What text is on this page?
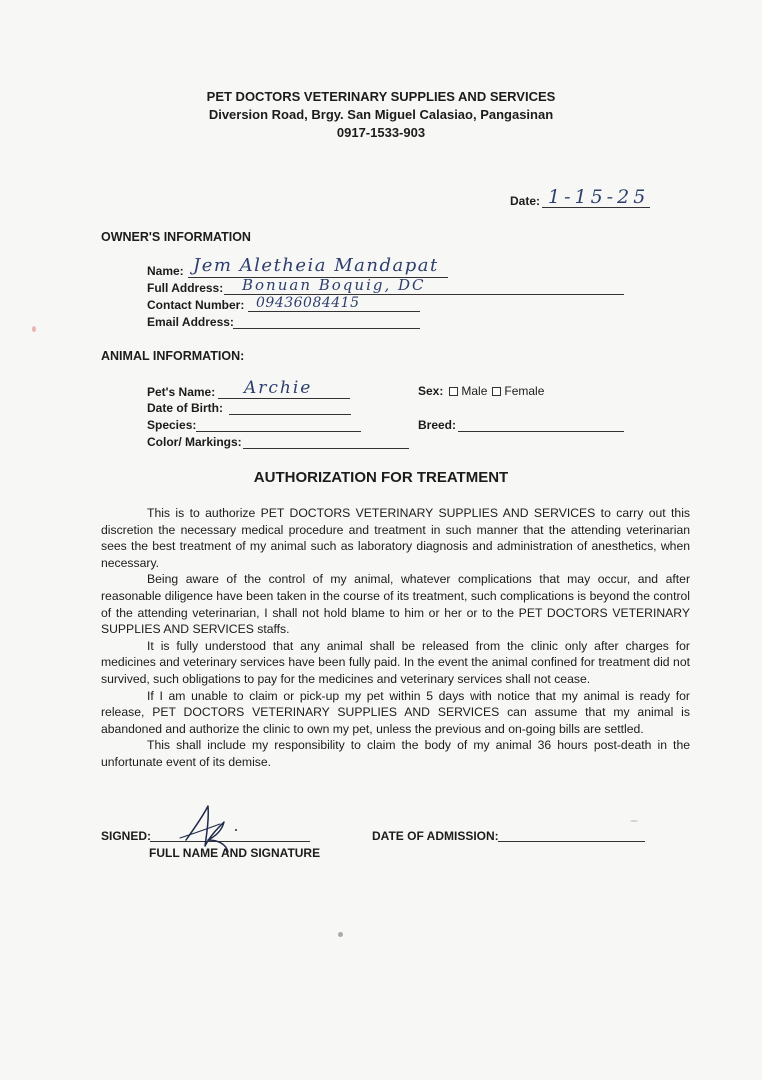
PET DOCTORS VETERINARY SUPPLIES AND SERVICES
Diversion Road, Brgy. San Miguel Calasiao, Pangasinan
0917-1533-903
Date: 1-15-25
OWNER'S INFORMATION
Name: Jem Aletheia Mandapat
Full Address: Bonuan Boquig, DC
Contact Number: 09436084415
Email Address:
ANIMAL INFORMATION:
Pet's Name: Archie	Sex: Male Female
Date of Birth:
Species:	Breed:
Color/ Markings:
AUTHORIZATION FOR TREATMENT

This is to authorize PET DOCTORS VETERINARY SUPPLIES AND SERVICES to carry out this discretion the necessary medical procedure and treatment in such manner that the attending veterinarian sees the best treatment of my animal such as laboratory diagnosis and administration of anesthetics, when necessary.

Being aware of the control of my animal, whatever complications that may occur, and after reasonable diligence have been taken in the course of its treatment, such complications is beyond the control of the attending veterinarian, I shall not hold blame to him or her or to the PET DOCTORS VETERINARY SUPPLIES AND SERVICES staffs.

It is fully understood that any animal shall be released from the clinic only after charges for medicines and veterinary services have been fully paid. In the event the animal confined for treatment did not survived, such obligations to pay for the medicines and veterinary services shall not cease.

If I am unable to claim or pick-up my pet within 5 days with notice that my animal is ready for release, PET DOCTORS VETERINARY SUPPLIES AND SERVICES can assume that my animal is abandoned and authorize the clinic to own my pet, unless the previous and on-going bills are settled.

This shall include my responsibility to claim the body of my animal 36 hours post-death in the unfortunate event of its demise.

SIGNED:
FULL NAME AND SIGNATURE
DATE OF ADMISSION:
